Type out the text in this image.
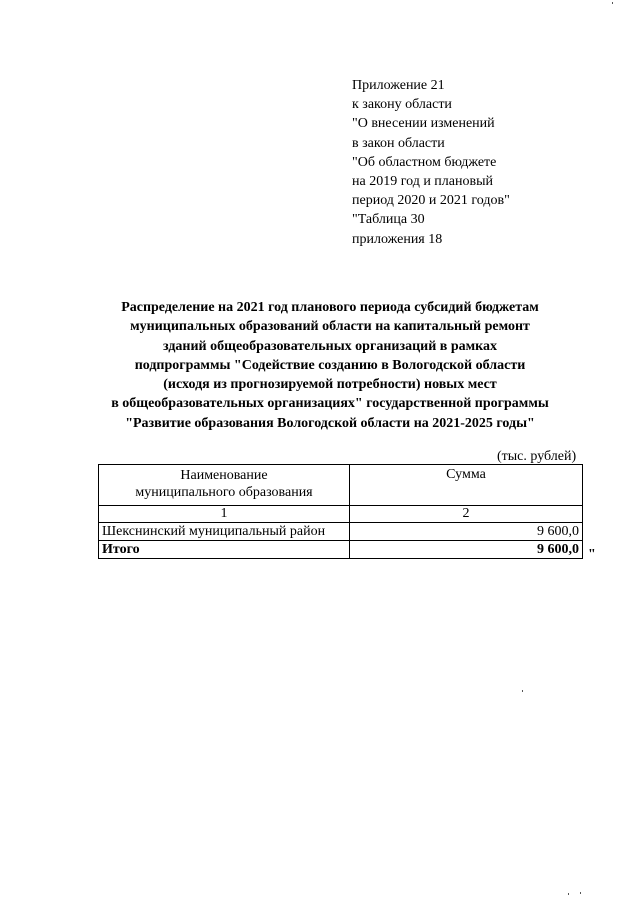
Приложение 21
к закону области
"О внесении изменений
в закон области
"Об областном бюджете
на 2019 год и плановый
период 2020 и 2021 годов"
"Таблица 30
приложения 18
Распределение на 2021 год планового периода субсидий бюджетам
муниципальных образований области на капитальный ремонт
зданий общеобразовательных организаций в рамках
подпрограммы "Содействие созданию в Вологодской области
(исходя из прогнозируемой потребности) новых мест
в общеобразовательных организациях" государственной программы
"Развитие образования Вологодской области на 2021-2025 годы"
(тыс. рублей)
Наименование
муниципального образования	Сумма
1	2
Шекснинский муниципальный район	9 600,0
Итого	9 600,0 "
